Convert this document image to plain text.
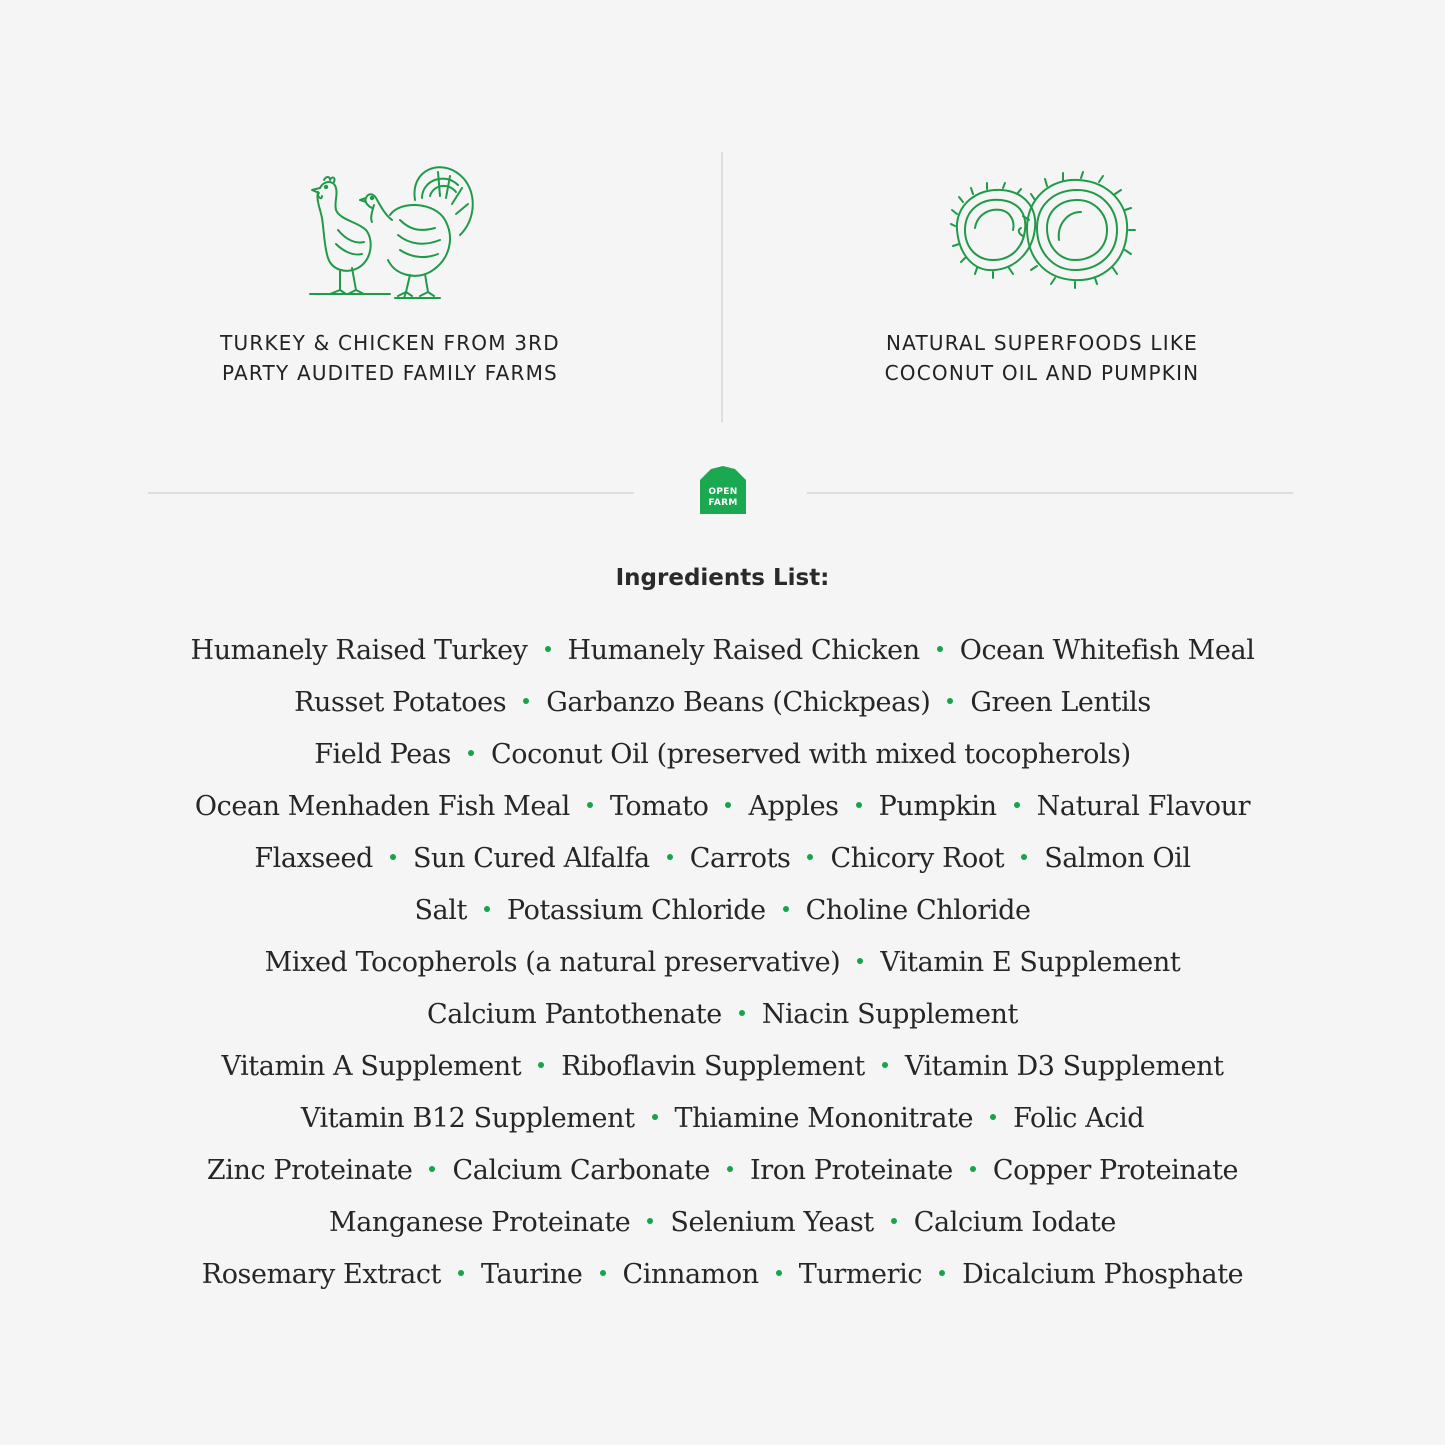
TURKEY & CHICKEN FROM 3RD
PARTY AUDITED FAMILY FARMS
NATURAL SUPERFOODS LIKE
COCONUT OIL AND PUMPKIN
OPEN
FARM
Ingredients List:
Humanely Raised Turkey Humanely Raised Chicken Ocean Whitefish Meal
Russet Potatoes Garbanzo Beans (Chickpeas) Green Lentils
Field Peas Coconut Oil (preserved with mixed tocopherols)
Ocean Menhaden Fish Meal Tomato Apples Pumpkin Natural Flavour
Flaxseed Sun Cured Alfalfa Carrots Chicory Root Salmon Oil
Salt Potassium Chloride Choline Chloride
Mixed Tocopherols (a natural preservative) Vitamin E Supplement
Calcium Pantothenate Niacin Supplement
Vitamin A Supplement Riboflavin Supplement Vitamin D3 Supplement
Vitamin B12 Supplement Thiamine Mononitrate Folic Acid
Zinc Proteinate Calcium Carbonate Iron Proteinate Copper Proteinate
Manganese Proteinate Selenium Yeast Calcium Iodate
Rosemary Extract Taurine Cinnamon Turmeric Dicalcium Phosphate
